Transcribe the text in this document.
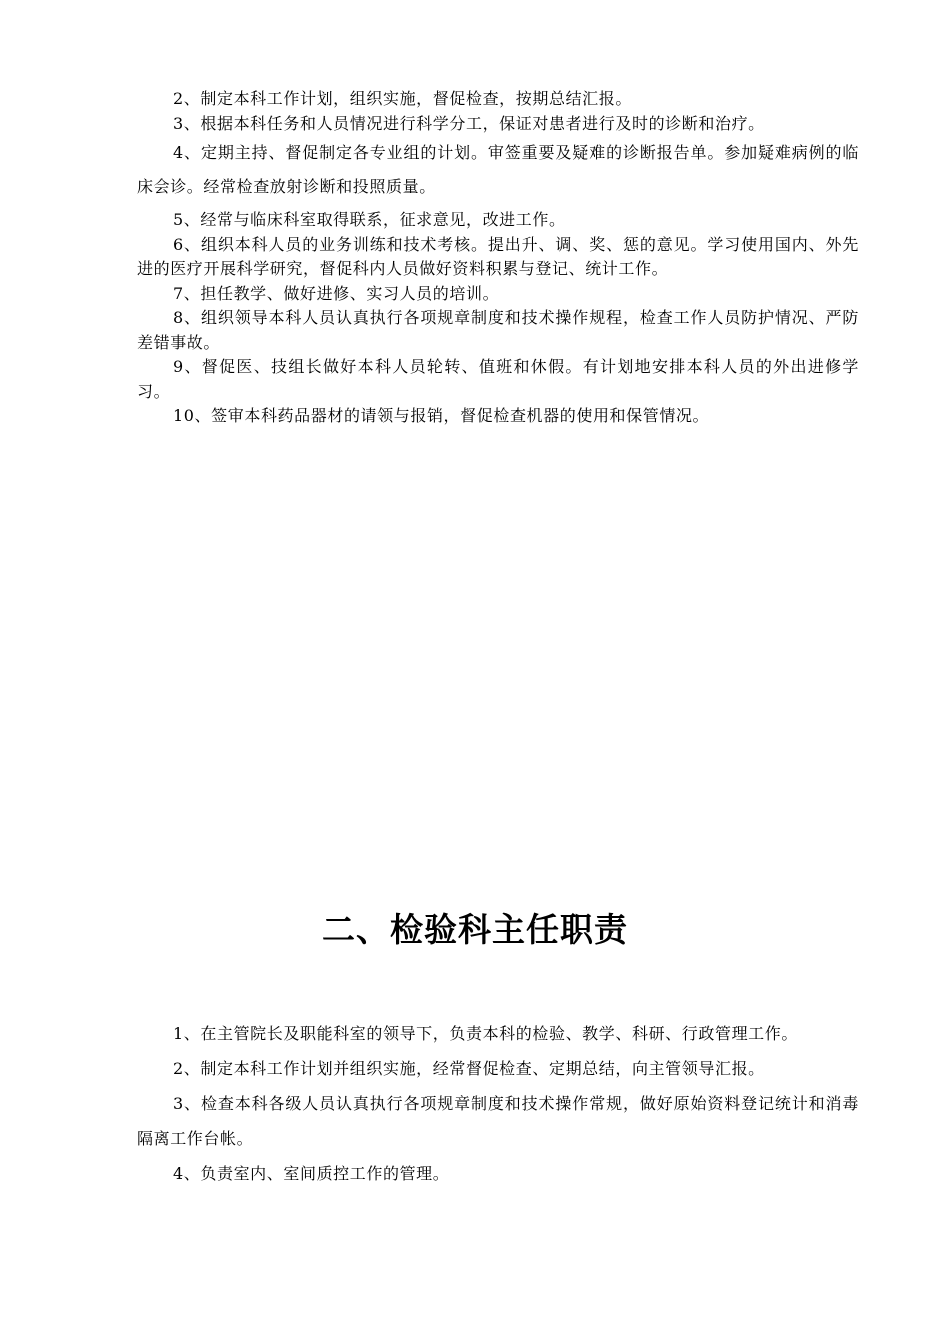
2、制定本科工作计划，组织实施，督促检查，按期总结汇报。

3、根据本科任务和人员情况进行科学分工，保证对患者进行及时的诊断和治疗。

4、定期主持、督促制定各专业组的计划。审签重要及疑难的诊断报告单。参加疑难病例的临床会诊。经常检查放射诊断和投照质量。

5、经常与临床科室取得联系，征求意见，改进工作。

6、组织本科人员的业务训练和技术考核。提出升、调、奖、惩的意见。学习使用国内、外先进的医疗开展科学研究，督促科内人员做好资料积累与登记、统计工作。

7、担任教学、做好进修、实习人员的培训。

8、组织领导本科人员认真执行各项规章制度和技术操作规程，检查工作人员防护情况、严防差错事故。

9、督促医、技组长做好本科人员轮转、值班和休假。有计划地安排本科人员的外出进修学习。

10、签审本科药品器材的请领与报销，督促检查机器的使用和保管情况。

二、检验科主任职责

1、在主管院长及职能科室的领导下，负责本科的检验、教学、科研、行政管理工作。

2、制定本科工作计划并组织实施，经常督促检查、定期总结，向主管领导汇报。

3、检查本科各级人员认真执行各项规章制度和技术操作常规，做好原始资料登记统计和消毒隔离工作台帐。

4、负责室内、室间质控工作的管理。
